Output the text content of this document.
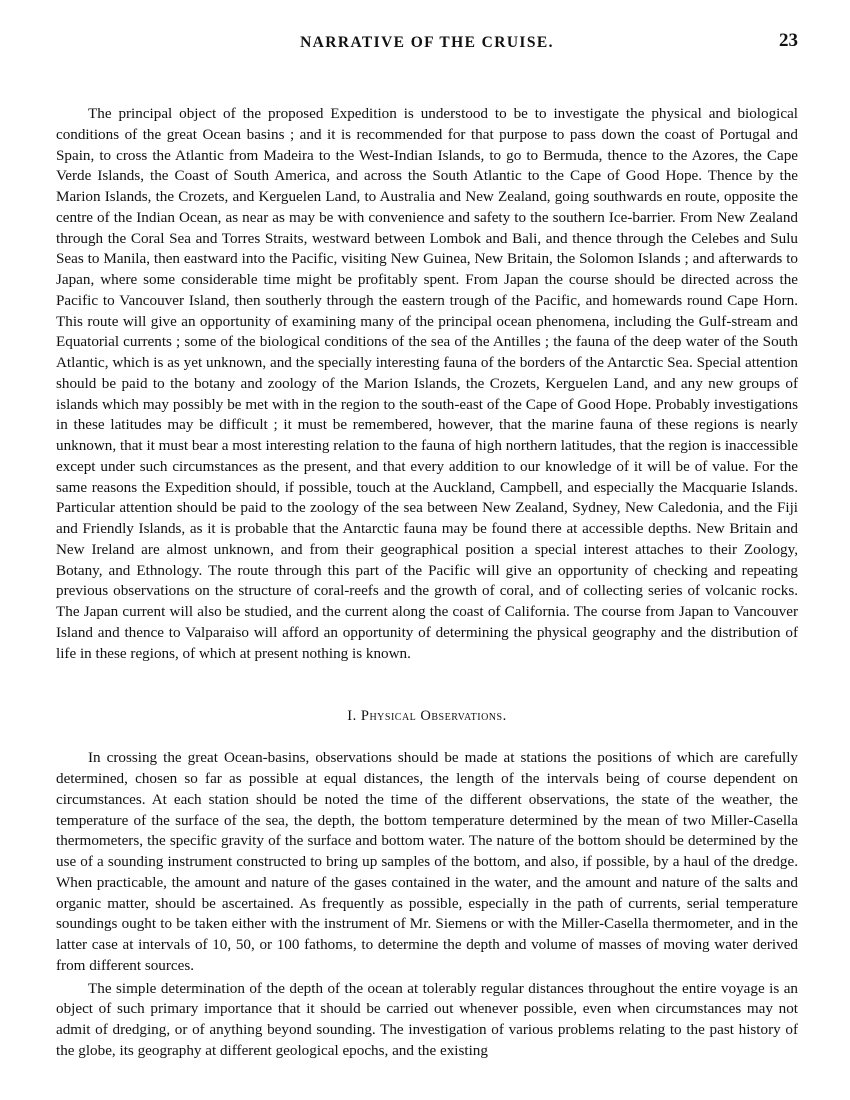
NARRATIVE OF THE CRUISE.	23

The principal object of the proposed Expedition is understood to be to investigate the physical and biological conditions of the great Ocean basins ; and it is recommended for that purpose to pass down the coast of Portugal and Spain, to cross the Atlantic from Madeira to the West-Indian Islands, to go to Bermuda, thence to the Azores, the Cape Verde Islands, the Coast of South America, and across the South Atlantic to the Cape of Good Hope. Thence by the Marion Islands, the Crozets, and Kerguelen Land, to Australia and New Zealand, going southwards en route, opposite the centre of the Indian Ocean, as near as may be with convenience and safety to the southern Ice-barrier. From New Zealand through the Coral Sea and Torres Straits, westward between Lombok and Bali, and thence through the Celebes and Sulu Seas to Manila, then eastward into the Pacific, visiting New Guinea, New Britain, the Solomon Islands ; and afterwards to Japan, where some considerable time might be profitably spent. From Japan the course should be directed across the Pacific to Vancouver Island, then southerly through the eastern trough of the Pacific, and homewards round Cape Horn. This route will give an opportunity of examining many of the principal ocean phenomena, including the Gulf-stream and Equatorial currents ; some of the biological conditions of the sea of the Antilles ; the fauna of the deep water of the South Atlantic, which is as yet unknown, and the specially interesting fauna of the borders of the Antarctic Sea. Special attention should be paid to the botany and zoology of the Marion Islands, the Crozets, Kerguelen Land, and any new groups of islands which may possibly be met with in the region to the south-east of the Cape of Good Hope. Probably investigations in these latitudes may be difficult ; it must be remembered, however, that the marine fauna of these regions is nearly unknown, that it must bear a most interesting relation to the fauna of high northern latitudes, that the region is inaccessible except under such circumstances as the present, and that every addition to our knowledge of it will be of value. For the same reasons the Expedition should, if possible, touch at the Auckland, Campbell, and especially the Macquarie Islands. Particular attention should be paid to the zoology of the sea between New Zealand, Sydney, New Caledonia, and the Fiji and Friendly Islands, as it is probable that the Antarctic fauna may be found there at accessible depths. New Britain and New Ireland are almost unknown, and from their geographical position a special interest attaches to their Zoology, Botany, and Ethnology. The route through this part of the Pacific will give an opportunity of checking and repeating previous observations on the structure of coral-reefs and the growth of coral, and of collecting series of volcanic rocks. The Japan current will also be studied, and the current along the coast of California. The course from Japan to Vancouver Island and thence to Valparaiso will afford an opportunity of determining the physical geography and the distribution of life in these regions, of which at present nothing is known.

I. Physical Observations.

In crossing the great Ocean-basins, observations should be made at stations the positions of which are carefully determined, chosen so far as possible at equal distances, the length of the intervals being of course dependent on circumstances. At each station should be noted the time of the different observations, the state of the weather, the temperature of the surface of the sea, the depth, the bottom temperature determined by the mean of two Miller-Casella thermometers, the specific gravity of the surface and bottom water. The nature of the bottom should be determined by the use of a sounding instrument constructed to bring up samples of the bottom, and also, if possible, by a haul of the dredge. When practicable, the amount and nature of the gases contained in the water, and the amount and nature of the salts and organic matter, should be ascertained. As frequently as possible, especially in the path of currents, serial temperature soundings ought to be taken either with the instrument of Mr. Siemens or with the Miller-Casella thermometer, and in the latter case at intervals of 10, 50, or 100 fathoms, to determine the depth and volume of masses of moving water derived from different sources.

The simple determination of the depth of the ocean at tolerably regular distances throughout the entire voyage is an object of such primary importance that it should be carried out whenever possible, even when circumstances may not admit of dredging, or of anything beyond sounding. The investigation of various problems relating to the past history of the globe, its geography at different geological epochs, and the existing
